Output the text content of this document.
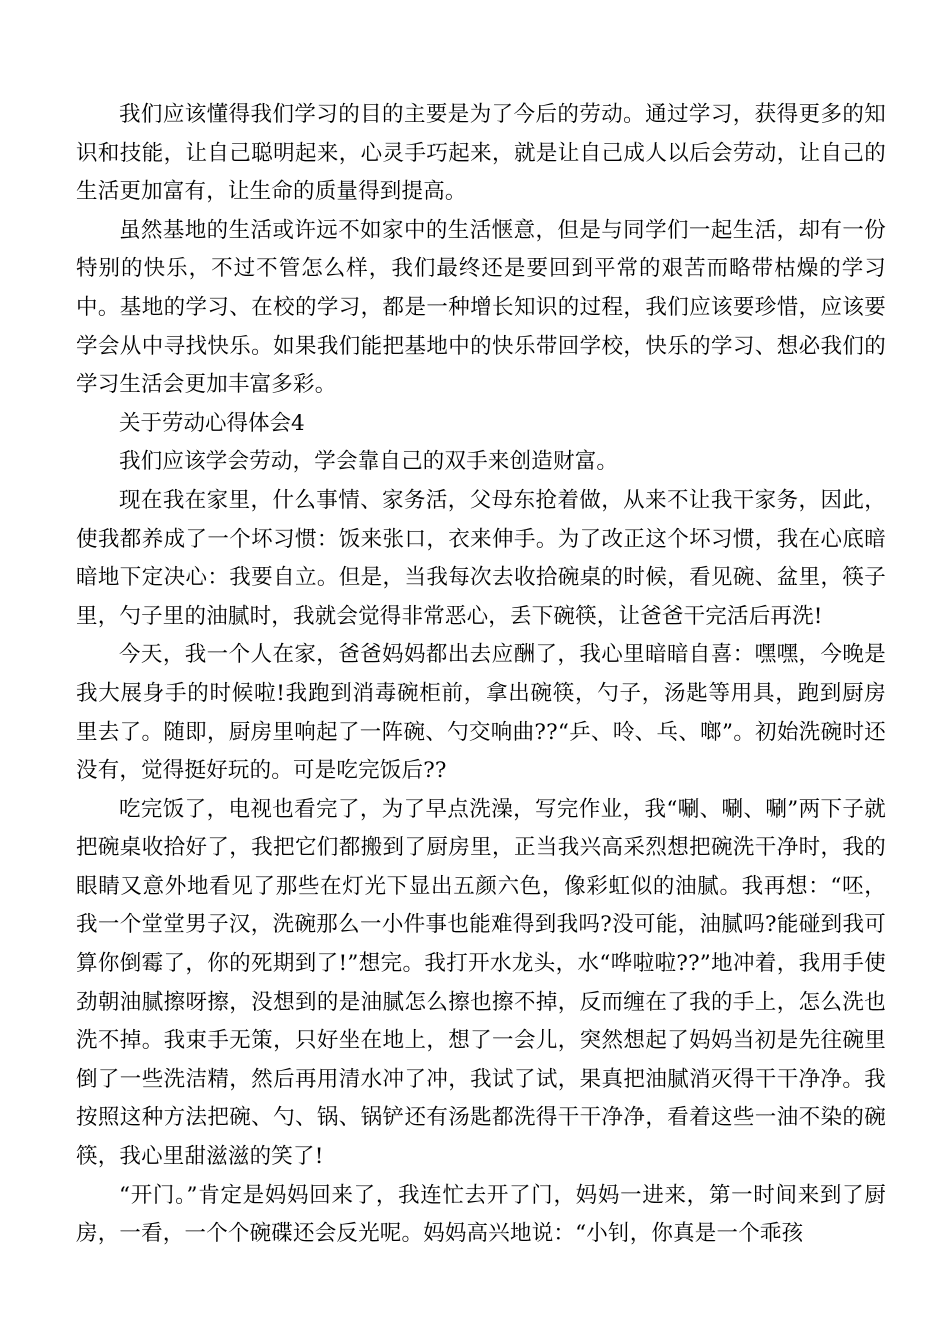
我们应该懂得我们学习的目的主要是为了今后的劳动。通过学习，获得更多的知识和技能，让自己聪明起来，心灵手巧起来，就是让自己成人以后会劳动，让自己的生活更加富有，让生命的质量得到提高。

虽然基地的生活或许远不如家中的生活惬意，但是与同学们一起生活，却有一份特别的快乐，不过不管怎么样，我们最终还是要回到平常的艰苦而略带枯燥的学习中。基地的学习、在校的学习，都是一种增长知识的过程，我们应该要珍惜，应该要学会从中寻找快乐。如果我们能把基地中的快乐带回学校，快乐的学习、想必我们的学习生活会更加丰富多彩。

关于劳动心得体会4

我们应该学会劳动，学会靠自己的双手来创造财富。

现在我在家里，什么事情、家务活，父母东抢着做，从来不让我干家务，因此，使我都养成了一个坏习惯：饭来张口，衣来伸手。为了改正这个坏习惯，我在心底暗暗地下定决心：我要自立。但是，当我每次去收拾碗桌的时候，看见碗、盆里，筷子里，勺子里的油腻时，我就会觉得非常恶心，丢下碗筷，让爸爸干完活后再洗!

今天，我一个人在家，爸爸妈妈都出去应酬了，我心里暗暗自喜：嘿嘿，今晚是我大展身手的时候啦!我跑到消毒碗柜前，拿出碗筷，勺子，汤匙等用具，跑到厨房里去了。随即，厨房里响起了一阵碗、勺交响曲??“乒、呤、乓、啷”。初始洗碗时还没有，觉得挺好玩的。可是吃完饭后??

吃完饭了，电视也看完了，为了早点洗澡，写完作业，我“唰、唰、唰”两下子就把碗桌收拾好了，我把它们都搬到了厨房里，正当我兴高采烈想把碗洗干净时，我的眼睛又意外地看见了那些在灯光下显出五颜六色，像彩虹似的油腻。我再想：“呸，我一个堂堂男子汉，洗碗那么一小件事也能难得到我吗?没可能，油腻吗?能碰到我可算你倒霉了，你的死期到了!”想完。我打开水龙头，水“哗啦啦??”地冲着，我用手使劲朝油腻擦呀擦，没想到的是油腻怎么擦也擦不掉，反而缠在了我的手上，怎么洗也洗不掉。我束手无策，只好坐在地上，想了一会儿，突然想起了妈妈当初是先往碗里倒了一些洗洁精，然后再用清水冲了冲，我试了试，果真把油腻消灭得干干净净。我按照这种方法把碗、勺、锅、锅铲还有汤匙都洗得干干净净，看着这些一油不染的碗筷，我心里甜滋滋的笑了!

“开门。”肯定是妈妈回来了，我连忙去开了门，妈妈一进来，第一时间来到了厨房，一看，一个个碗碟还会反光呢。妈妈高兴地说：“小钊，你真是一个乖孩
